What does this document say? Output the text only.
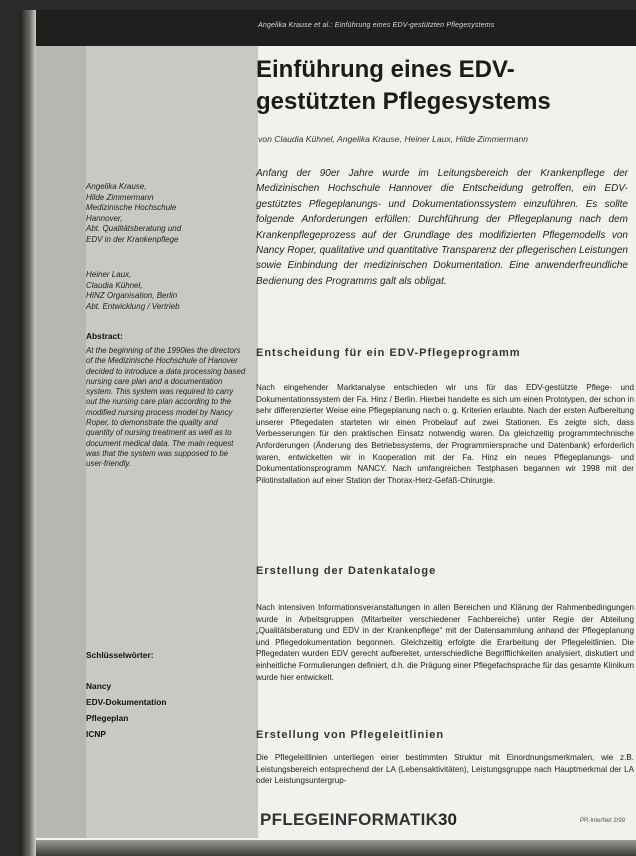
Angelika Krause et al.: Einführung eines EDV-gestützten Pflegesystems
Einführung eines EDV-
gestützten Pflegesystems
von Claudia Kühnel, Angelika Krause, Heiner Laux, Hilde Zimmermann

Anfang der 90er Jahre wurde im Leitungsbereich der Krankenpflege der Medizinischen Hochschule Hannover die Entscheidung getroffen, ein EDV-gestütztes Pflegeplanungs- und Dokumentationssystem einzuführen. Es sollte folgende Anforderungen erfüllen: Durchführung der Pflegeplanung nach dem Krankenpflegeprozess auf der Grundlage des modifizierten Pflegemodells von Nancy Roper, qualitative und quantitative Transparenz der pflegerischen Leistungen sowie Einbindung der medizinischen Dokumentation. Eine anwenderfreundliche Bedienung des Programms galt als obligat.

Entscheidung für ein EDV-Pflegeprogramm

Nach eingehender Marktanalyse entschieden wir uns für das EDV-gestützte Pflege- und Dokumentationssystem der Fa. Hinz / Berlin. Hierbei handelte es sich um einen Prototypen, der schon in sehr differenzierter Weise eine Pflegeplanung nach o. g. Kriterien erlaubte. Nach der ersten Aufbereitung unserer Pflegedaten starteten wir einen Probelauf auf zwei Stationen. Es zeigte sich, dass Verbesserungen für den praktischen Einsatz notwendig waren. Da gleichzeitig programmtechnische Anforderungen (Änderung des Betriebssystems, der Programmiersprache und Datenbank) erforderlich waren, entwickelten wir in Kooperation mit der Fa. Hinz ein neues Pflegeplanungs- und Dokumentationsprogramm NANCY. Nach umfangreichen Testphasen begannen wir 1998 mit der Pilotinstallation auf einer Station der Thorax-Herz-Gefäß-Chirurgie.

Erstellung der Datenkataloge

Nach intensiven Informationsveranstaltungen in allen Bereichen und Klärung der Rahmenbedingungen wurde in Arbeitsgruppen (Mitarbeiter verschiedener Fachbereiche) unter Regie der Abteilung „Qualitätsberatung und EDV in der Krankenpflege“ mit der Datensammlung anhand der Pflegeplanung und Pflegedokumentation begonnen. Gleichzeitig erfolgte die Erarbeitung der Pflegeleitlinien. Die Pflegedaten wurden EDV gerecht aufbereitet, unterschiedliche Begrifflichkeiten analysiert, diskutiert und einheitliche Formulierungen definiert, d.h. die Prägung einer Pflegefachsprache für das gesamte Klinikum wurde hier entwickelt.

Erstellung von Pflegeleitlinien

Die Pflegeleitlinien unterliegen einer bestimmten Struktur mit Einordnungsmerkmalen, wie z.B. Leistungsbereich entsprechend der LA (Lebensaktivitäten), Leistungsgruppe nach Hauptmerkmal der LA oder Leistungsuntergrup-

Angelika Krause,
Hilde Zimmermann
Medizinische Hochschule
Hannover,
Abt. Qualitätsberatung und
EDV in der Krankenpflege
Heiner Laux,
Claudia Kühnel,
HINZ Organisation, Berlin
Abt. Entwicklung / Vertrieb
Abstract:

At the beginning of the 1990ies the directors of the Medizinische Hochschule of Hanover decided to introduce a data processing based nursing care plan and a documentation system. This system was required to carry out the nursing care plan according to the modified nursing process model by Nancy Roper, to demonstrate the quality and quantity of nursing treatment as well as to document medical data. The main request was that the system was supposed to be user-friendly.

Schlüsselwörter:
Nancy
EDV-Dokumentation
Pflegeplan
ICNP
PFLEGEINFORMATIK 30	PR-InterNet 2/99
